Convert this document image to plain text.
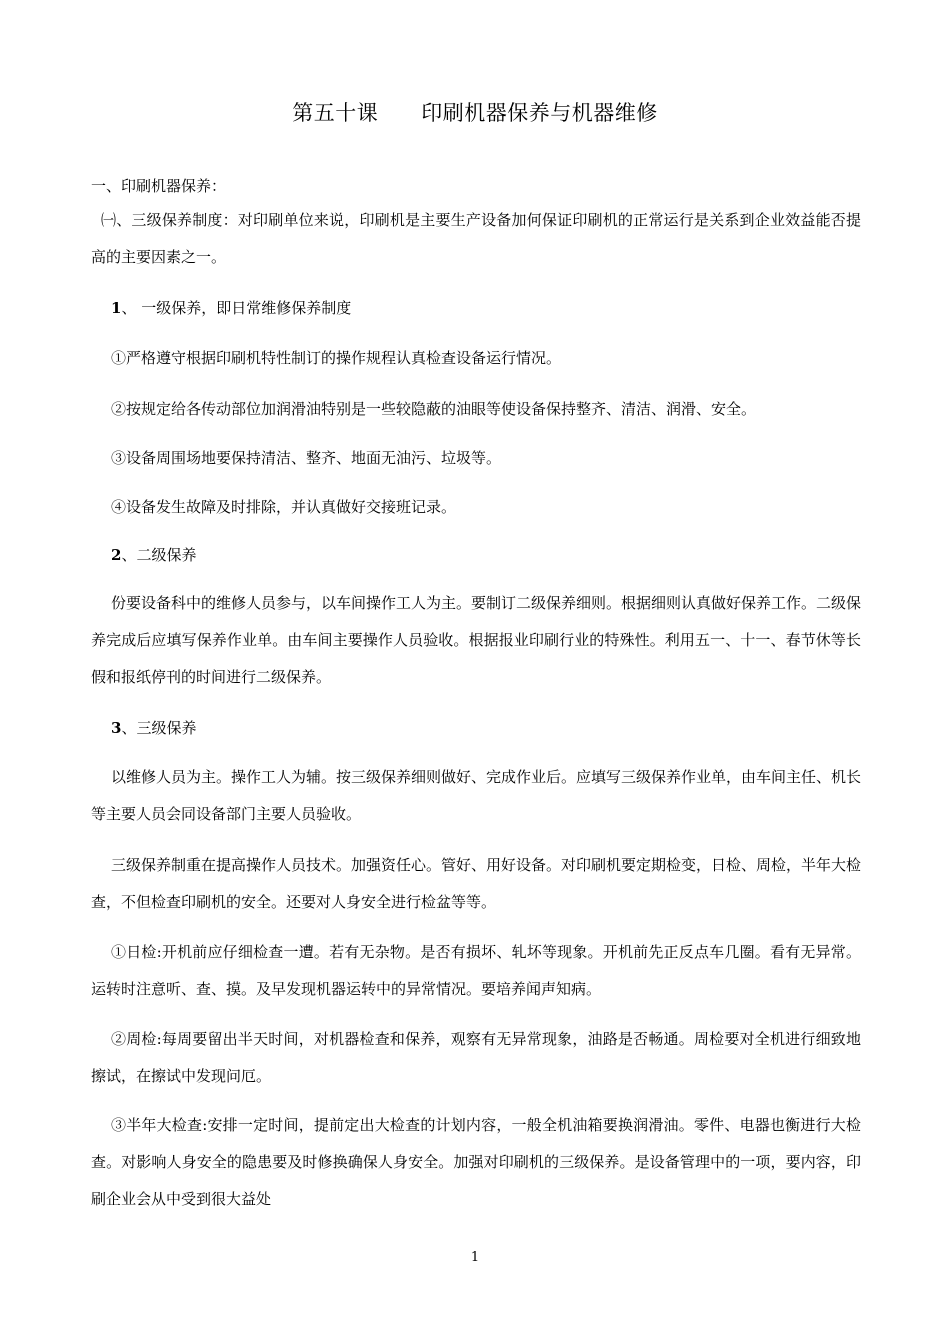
第五十课      印刷机器保养与机器维修
一、印刷机器保养：
㈠、三级保养制度：对印刷单位来说，印刷机是主要生产设备加何保证印刷机的正常运行是关系到企业效益能否提高的主要因素之一。
1、 一级保养，即日常维修保养制度
①严格遵守根据印刷机特性制订的操作规程认真检查设备运行情况。
②按规定给各传动部位加润滑油特别是一些较隐蔽的油眼等使设备保持整齐、清洁、润滑、安全。
③设备周围场地要保持清洁、整齐、地面无油污、垃圾等。
④设备发生故障及时排除，并认真做好交接班记录。
2、二级保养
份要设备科中的维修人员参与，以车间操作工人为主。要制订二级保养细则。根据细则认真做好保养工作。二级保养完成后应填写保养作业单。由车间主要操作人员验收。根据报业印刷行业的特殊性。利用五一、十一、春节休等长假和报纸停刊的时间进行二级保养。
3、三级保养
以维修人员为主。操作工人为辅。按三级保养细则做好、完成作业后。应填写三级保养作业单，由车间主任、机长等主要人员会同设备部门主要人员验收。
三级保养制重在提高操作人员技术。加强资任心。管好、用好设备。对印刷机要定期检变，日检、周检，半年大检查，不但检查印刷机的安全。还要对人身安全进行检盆等等。
①日检:开机前应仔细检查一遭。若有无杂物。是否有损坏、轧坏等现象。开机前先正反点车几圈。看有无异常。运转时注意听、查、摸。及早发现机器运转中的异常情况。要培养闻声知病。
②周检:每周要留出半天时间，对机器检查和保养，观察有无异常现象，油路是否畅通。周检要对全机进行细致地擦试，在擦试中发现问厄。
③半年大检查:安排一定时间，提前定出大检查的计划内容，一般全机油箱要换润滑油。零件、电器也衡进行大检查。对影响人身安全的隐患要及时修换确保人身安全。加强对印刷机的三级保养。是设备管理中的一项，要内容，印刷企业会从中受到很大益处
1
